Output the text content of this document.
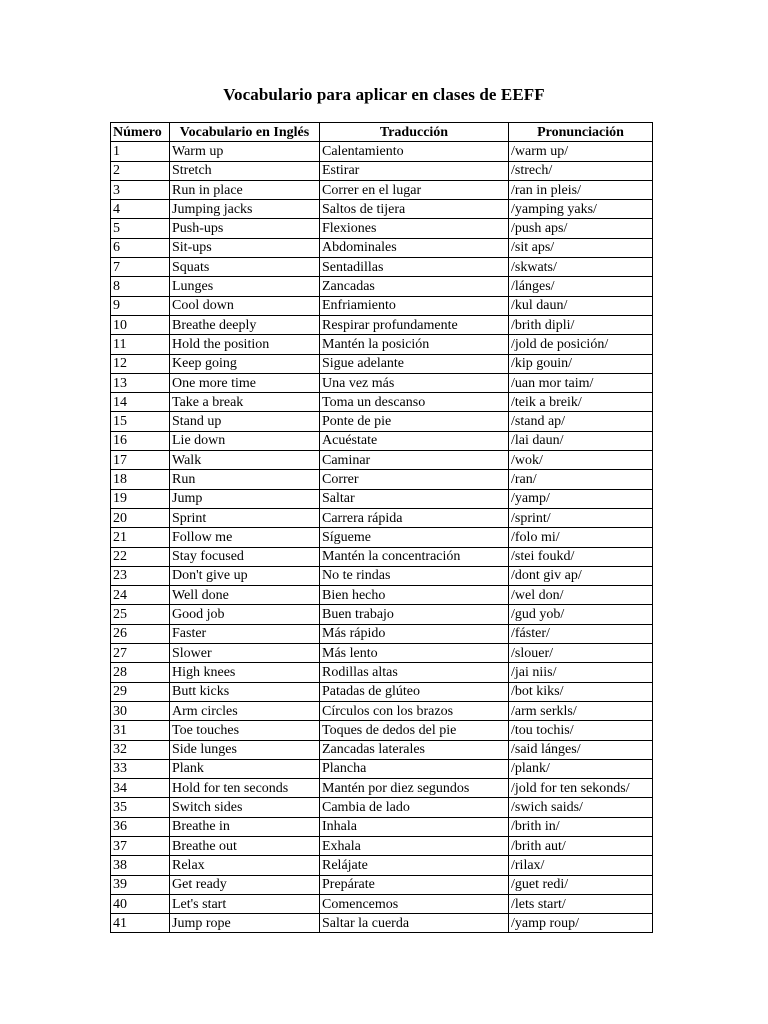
Vocabulario para aplicar en clases de EEFF
Número	Vocabulario en Inglés	Traducción	Pronunciación
1	Warm up	Calentamiento	/warm up/
2	Stretch	Estirar	/strech/
3	Run in place	Correr en el lugar	/ran in pleis/
4	Jumping jacks	Saltos de tijera	/yamping yaks/
5	Push-ups	Flexiones	/push aps/
6	Sit-ups	Abdominales	/sit aps/
7	Squats	Sentadillas	/skwats/
8	Lunges	Zancadas	/lánges/
9	Cool down	Enfriamiento	/kul daun/
10	Breathe deeply	Respirar profundamente	/brith dipli/
11	Hold the position	Mantén la posición	/jold de posición/
12	Keep going	Sigue adelante	/kip gouin/
13	One more time	Una vez más	/uan mor taim/
14	Take a break	Toma un descanso	/teik a breik/
15	Stand up	Ponte de pie	/stand ap/
16	Lie down	Acuéstate	/lai daun/
17	Walk	Caminar	/wok/
18	Run	Correr	/ran/
19	Jump	Saltar	/yamp/
20	Sprint	Carrera rápida	/sprint/
21	Follow me	Sígueme	/folo mi/
22	Stay focused	Mantén la concentración	/stei foukd/
23	Don't give up	No te rindas	/dont giv ap/
24	Well done	Bien hecho	/wel don/
25	Good job	Buen trabajo	/gud yob/
26	Faster	Más rápido	/fáster/
27	Slower	Más lento	/slouer/
28	High knees	Rodillas altas	/jai niis/
29	Butt kicks	Patadas de glúteo	/bot kiks/
30	Arm circles	Círculos con los brazos	/arm serkls/
31	Toe touches	Toques de dedos del pie	/tou tochis/
32	Side lunges	Zancadas laterales	/said lánges/
33	Plank	Plancha	/plank/
34	Hold for ten seconds	Mantén por diez segundos	/jold for ten sekonds/
35	Switch sides	Cambia de lado	/swich saids/
36	Breathe in	Inhala	/brith in/
37	Breathe out	Exhala	/brith aut/
38	Relax	Relájate	/rilax/
39	Get ready	Prepárate	/guet redi/
40	Let's start	Comencemos	/lets start/
41	Jump rope	Saltar la cuerda	/yamp roup/
